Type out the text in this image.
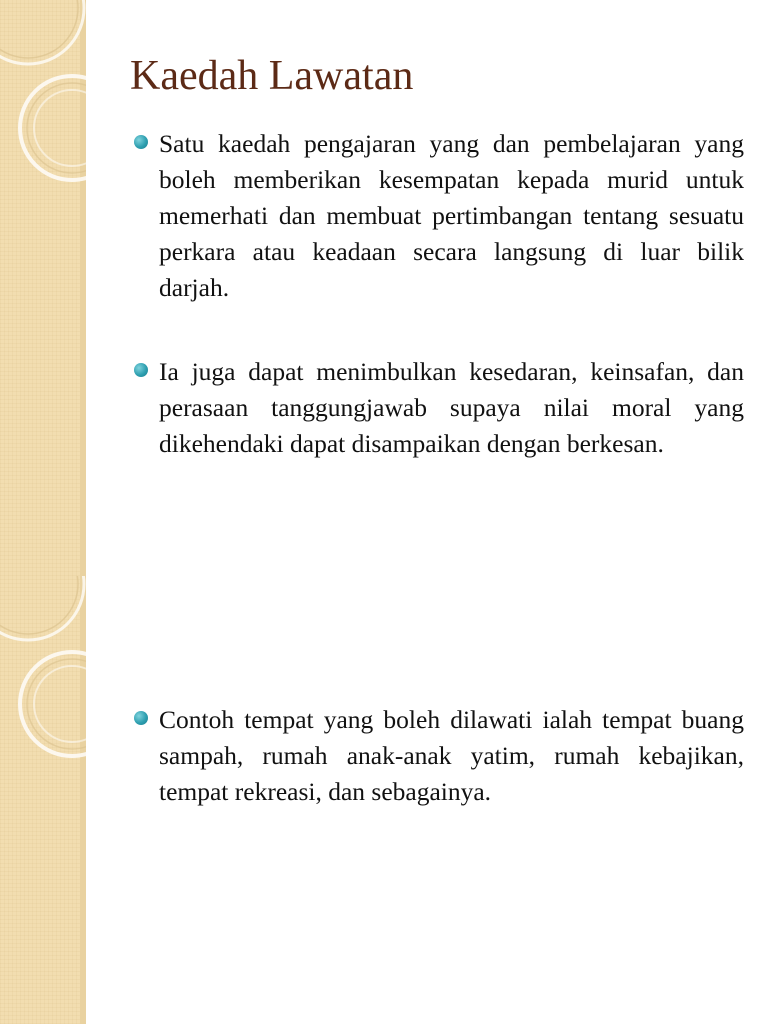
Kaedah Lawatan
Satu kaedah pengajaran yang dan pembelajaran yang boleh memberikan kesempatan kepada murid untuk memerhati dan membuat pertimbangan tentang sesuatu perkara atau keadaan secara langsung di luar bilik darjah.
Ia juga dapat menimbulkan kesedaran, keinsafan, dan perasaan tanggungjawab supaya nilai moral yang dikehendaki dapat disampaikan dengan berkesan.
Contoh tempat yang boleh dilawati ialah tempat buang sampah, rumah anak-anak yatim, rumah kebajikan, tempat rekreasi, dan sebagainya.
